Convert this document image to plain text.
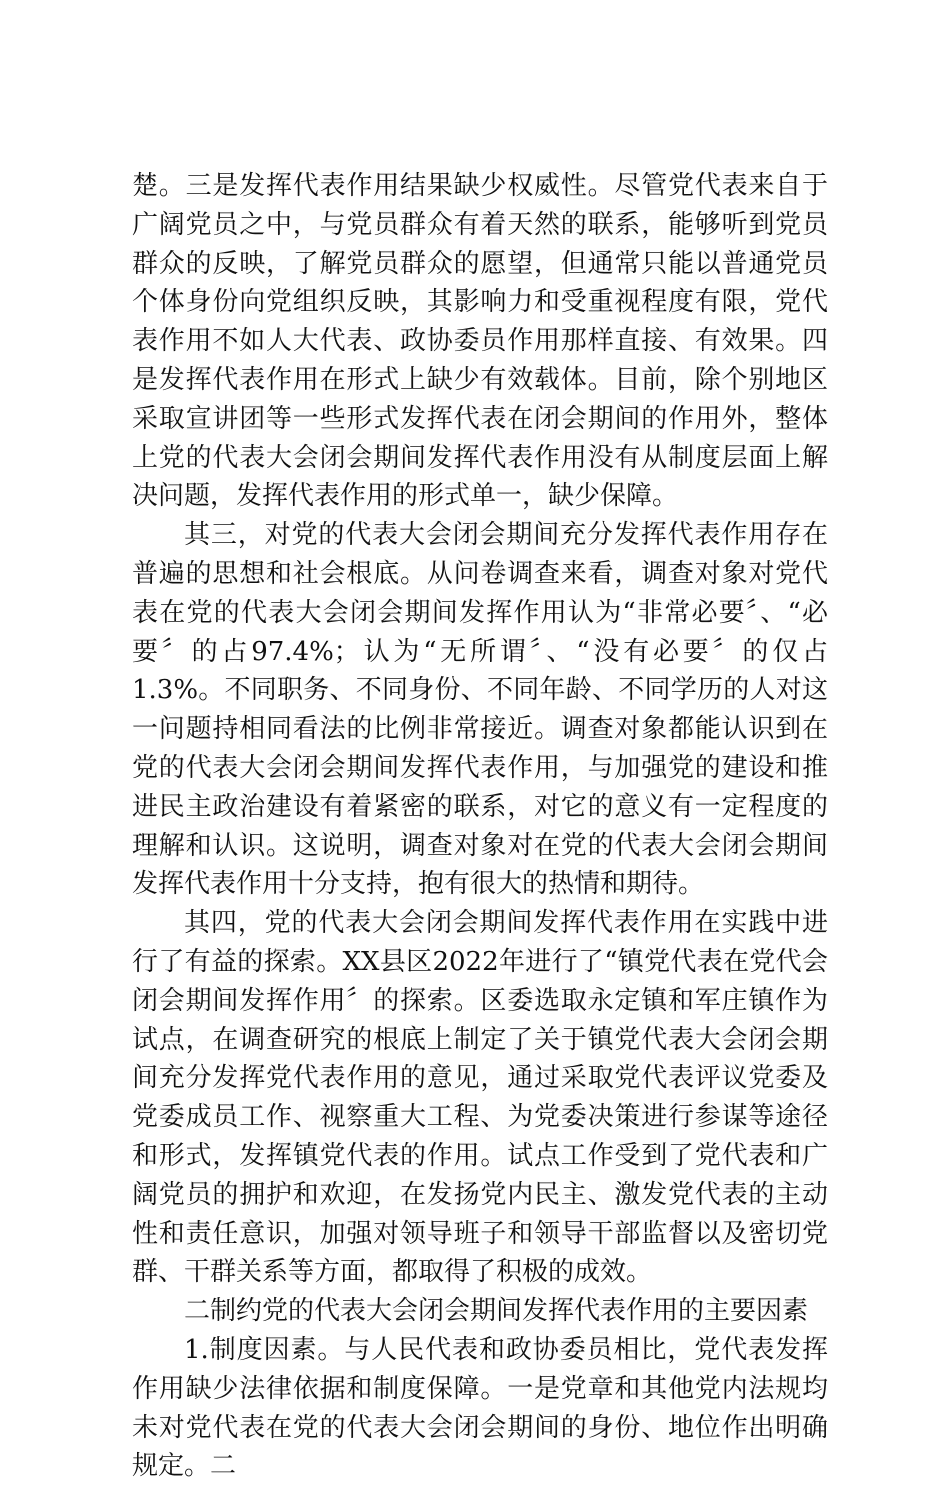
楚。三是发挥代表作用结果缺少权威性。尽管党代表来自于广阔党员之中，与党员群众有着天然的联系，能够听到党员群众的反映，了解党员群众的愿望，但通常只能以普通党员个体身份向党组织反映，其影响力和受重视程度有限，党代表作用不如人大代表、政协委员作用那样直接、有效果。四是发挥代表作用在形式上缺少有效载体。目前，除个别地区采取宣讲团等一些形式发挥代表在闭会期间的作用外，整体上党的代表大会闭会期间发挥代表作用没有从制度层面上解决问题，发挥代表作用的形式单一，缺少保障。

其三，对党的代表大会闭会期间充分发挥代表作用存在普遍的思想和社会根底。从问卷调查来看，调查对象对党代表在党的代表大会闭会期间发挥作用认为“非常必要〞、“必要〞的占97.4%；认为“无所谓〞、“没有必要〞的仅占1.3%。不同职务、不同身份、不同年龄、不同学历的人对这一问题持相同看法的比例非常接近。调查对象都能认识到在党的代表大会闭会期间发挥代表作用，与加强党的建设和推进民主政治建设有着紧密的联系，对它的意义有一定程度的理解和认识。这说明，调查对象对在党的代表大会闭会期间发挥代表作用十分支持，抱有很大的热情和期待。

其四，党的代表大会闭会期间发挥代表作用在实践中进行了有益的探索。XX县区2022年进行了“镇党代表在党代会闭会期间发挥作用〞的探索。区委选取永定镇和军庄镇作为试点，在调查研究的根底上制定了关于镇党代表大会闭会期间充分发挥党代表作用的意见，通过采取党代表评议党委及党委成员工作、视察重大工程、为党委决策进行参谋等途径和形式，发挥镇党代表的作用。试点工作受到了党代表和广阔党员的拥护和欢迎，在发扬党内民主、激发党代表的主动性和责任意识，加强对领导班子和领导干部监督以及密切党群、干群关系等方面，都取得了积极的成效。

二制约党的代表大会闭会期间发挥代表作用的主要因素

1.制度因素。与人民代表和政协委员相比，党代表发挥作用缺少法律依据和制度保障。一是党章和其他党内法规均未对党代表在党的代表大会闭会期间的身份、地位作出明确规定。二
